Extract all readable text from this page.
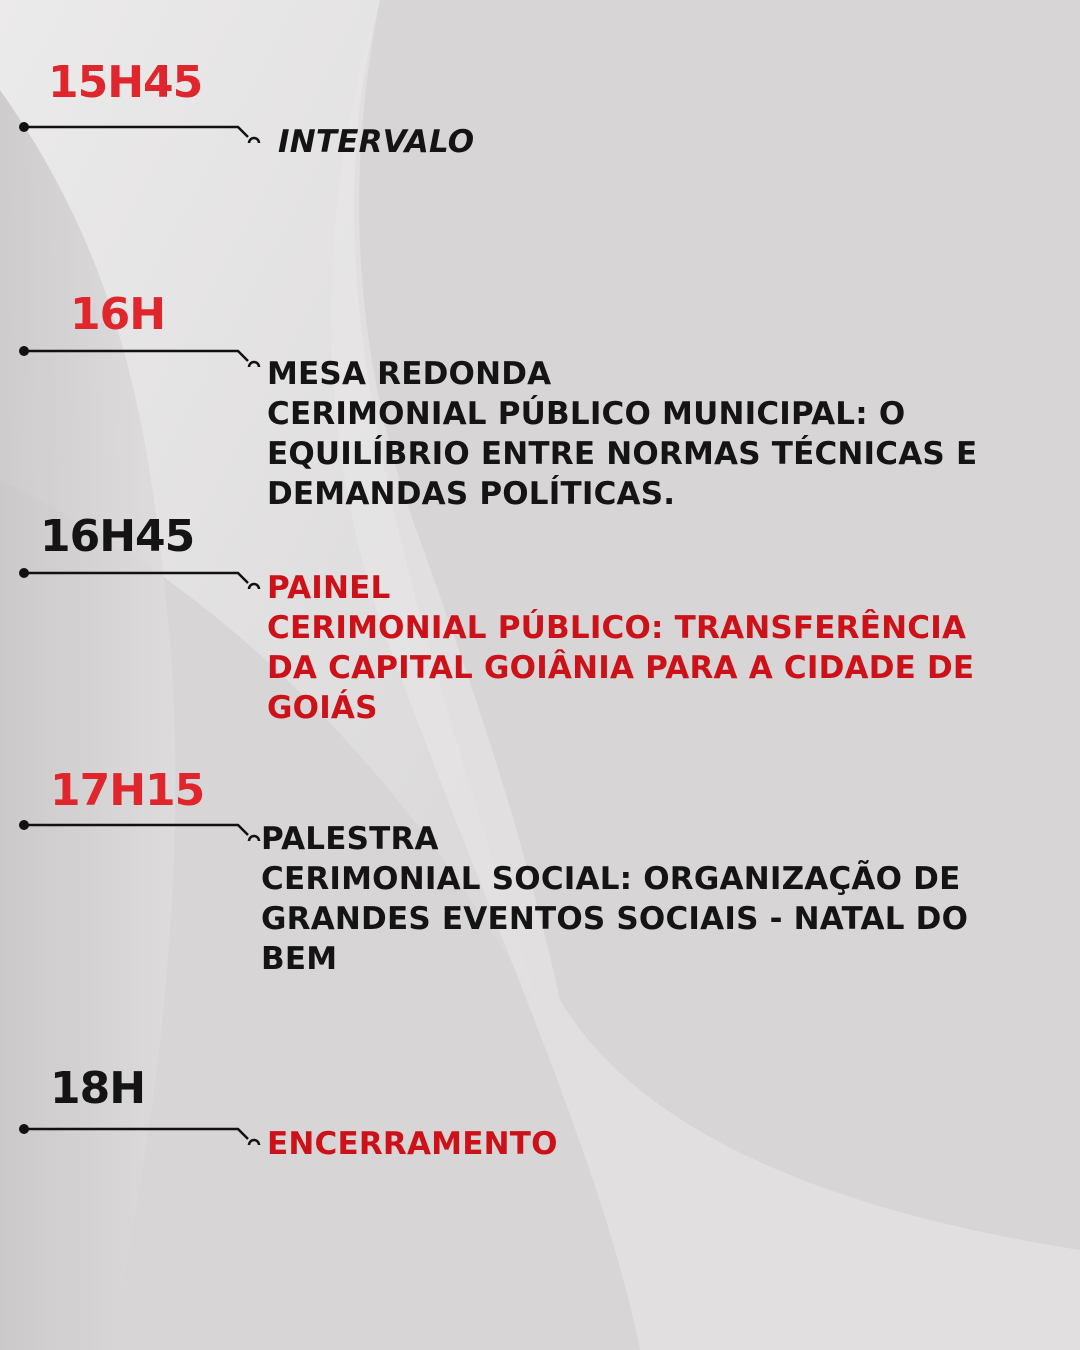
15H45
INTERVALO
16H
MESA REDONDA
CERIMONIAL PÚBLICO MUNICIPAL: O
EQUILÍBRIO ENTRE NORMAS TÉCNICAS E
DEMANDAS POLÍTICAS.
16H45
PAINEL
CERIMONIAL PÚBLICO: TRANSFERÊNCIA
DA CAPITAL GOIÂNIA PARA A CIDADE DE
GOIÁS
17H15
PALESTRA
CERIMONIAL SOCIAL: ORGANIZAÇÃO DE
GRANDES EVENTOS SOCIAIS - NATAL DO
BEM
18H
ENCERRAMENTO
